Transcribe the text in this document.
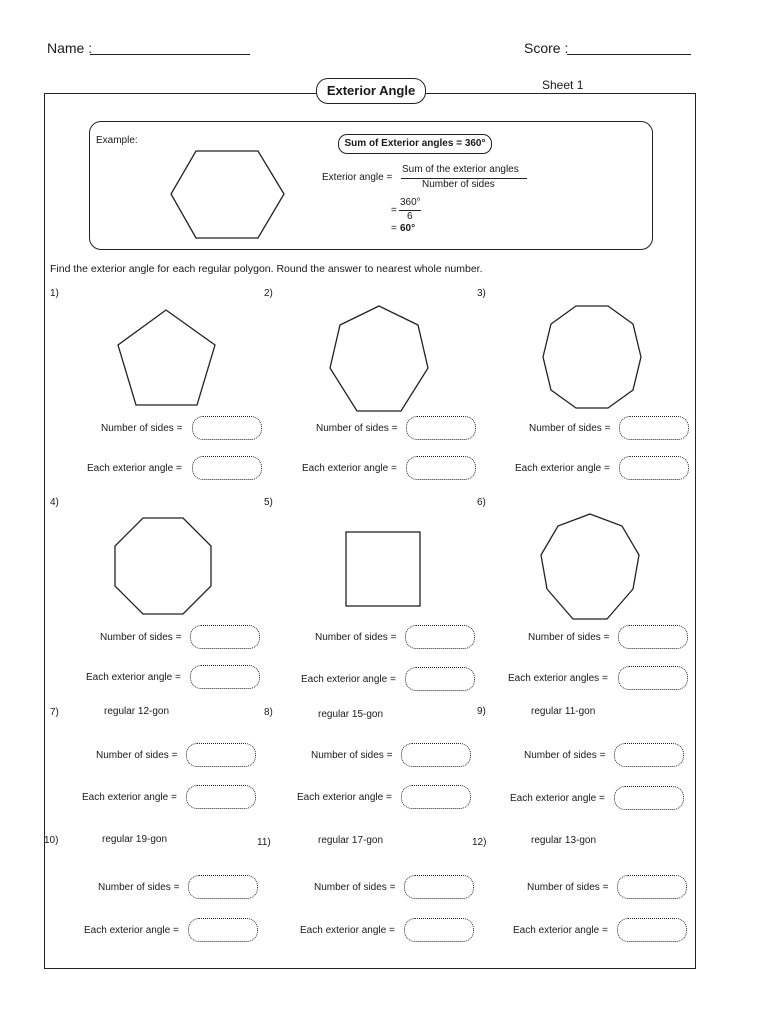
Name :	Score :
Exterior Angle	Sheet 1
Example:	Sum of Exterior angles = 360°
Exterior angle =
Sum of the exterior angles
Number of sides
=
360°
6
= 60°
Find the exterior angle for each regular polygon. Round the answer to nearest whole number.
1)	2)	3)
Number of sides =	Number of sides =	Number of sides =
Each exterior angle =	Each exterior angle =	Each exterior angle =
4)	5)	6)
Number of sides =	Number of sides =	Number of sides =
Each exterior angle =	Each exterior angle =	Each exterior angles =
7)	regular 12-gon	8)	regular 15-gon	9)	regular 11-gon
Number of sides =	Number of sides =	Number of sides =
Each exterior angle =	Each exterior angle =	Each exterior angle =
10)	regular 19-gon	11)	regular 17-gon	12)	regular 13-gon
Number of sides =	Number of sides =	Number of sides =
Each exterior angle =	Each exterior angle =	Each exterior angle =
